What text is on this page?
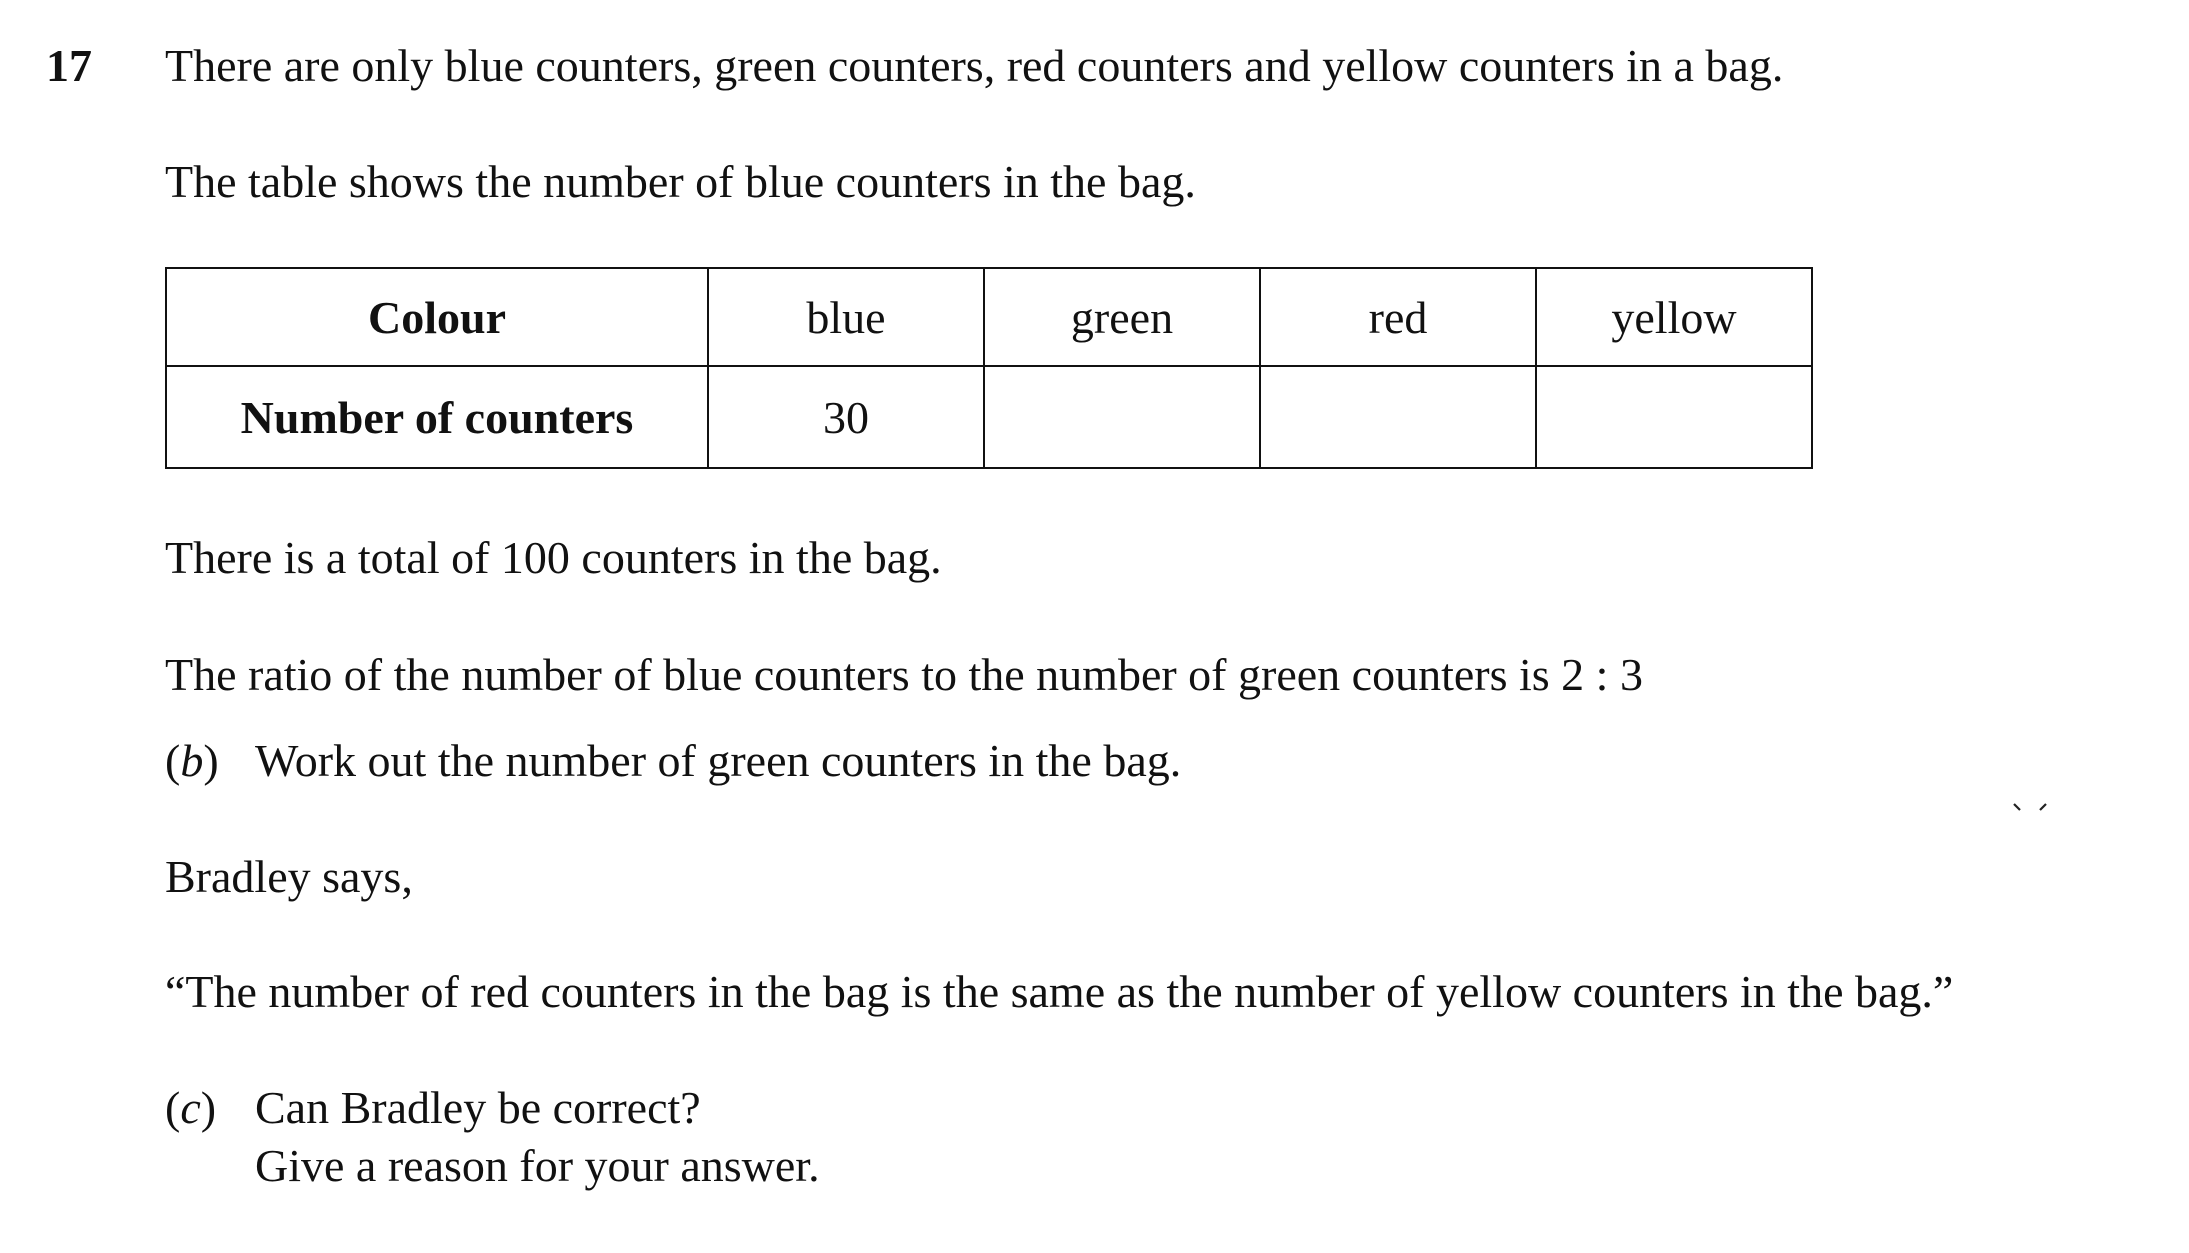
17 There are only blue counters, green counters, red counters and yellow counters in a bag.
The table shows the number of blue counters in the bag.
Colour	blue	green	red	yellow
Number of counters	30			
There is a total of 100 counters in the bag.
The ratio of the number of blue counters to the number of green counters is 2 : 3
(b) Work out the number of green counters in the bag.
Bradley says,
“The number of red counters in the bag is the same as the number of yellow counters in the bag.”
(c) Can Bradley be correct?
Give a reason for your answer.
